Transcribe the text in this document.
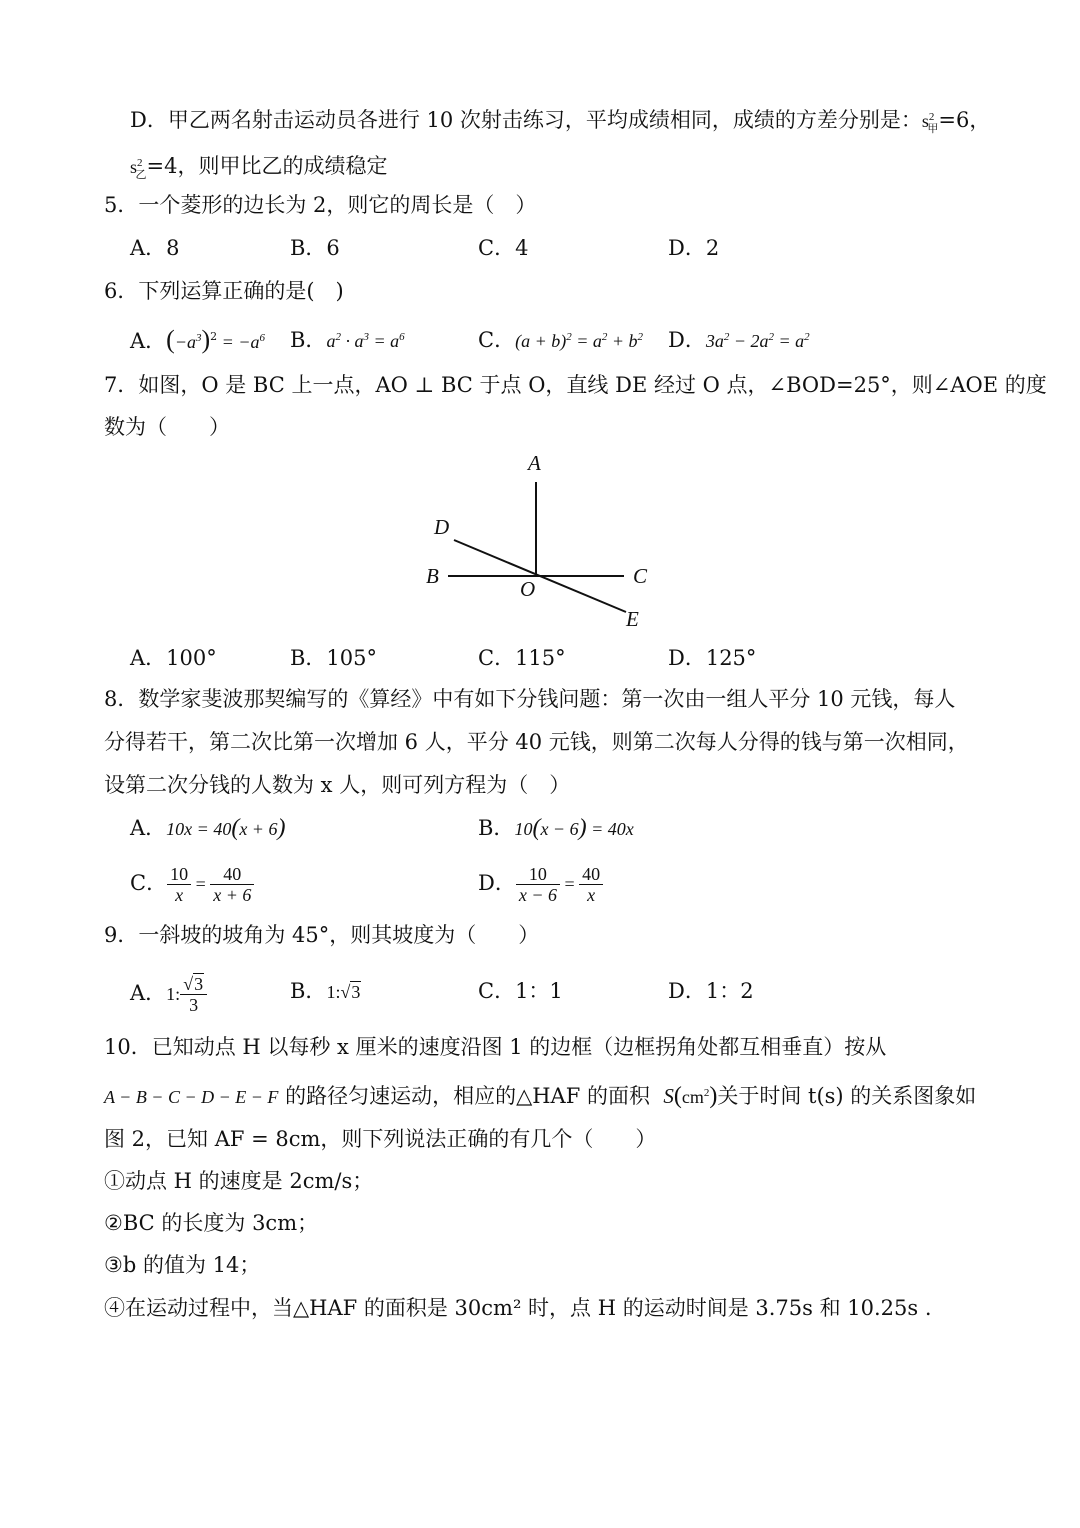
D．甲乙两名射击运动员各进行 10 次射击练习，平均成绩相同，成绩的方差分别是：$s^2_甲=6$，
$s^2_乙=4$，则甲比乙的成绩稳定
5．一个菱形的边长为 2，则它的周长是（　）
A．8	B．6	C．4	D．2
6．下列运算正确的是(　)
A．$(-a^3)^2 = -a^6$ B．$a^2 \cdot a^3 = a^6$	C．$(a + b)^2 = a^2 + b^2$ D．$3a^2 - 2a^2 = a^2$
7．如图，O 是 BC 上一点，AO ⊥ BC 于点 O，直线 DE 经过 O 点，∠BOD=25°，则∠AOE 的度
数为（　　）
A
D
B	C
O
E
A．100°	B．105°	C．115°	D．125°
8．数学家斐波那契编写的《算经》中有如下分钱问题：第一次由一组人平分 10 元钱，每人
分得若干，第二次比第一次增加 6 人，平分 40 元钱，则第二次每人分得的钱与第一次相同，
设第二次分钱的人数为 x 人，则可列方程为（　）
A．10x = 40(x + 6)	B．10(x − 6) = 40x
C． $\frac{10}{x} = \frac{40}{x + 6}$	D． $\frac{10}{x - 6} = \frac{40}{x}$
9．一斜坡的坡角为 45°，则其坡度为（　　）
A．1: $\frac{√3}{3}$	B．1:√3	C．1：1	D．1：2
10．已知动点 H 以每秒 x 厘米的速度沿图 1 的边框（边框拐角处都互相垂直）按从
A − B − C − D − E − F 的路径匀速运动，相应的△HAF 的面积 $S(cm^2)$关于时间 t(s) 的关系图象如
图 2，已知 AF = 8cm，则下列说法正确的有几个（　　）
①动点 H 的速度是 2cm/s；
②BC 的长度为 3cm；
③b 的值为 14；
④在运动过程中，当△HAF 的面积是 30cm² 时，点 H 的运动时间是 3.75s 和 10.25s .
